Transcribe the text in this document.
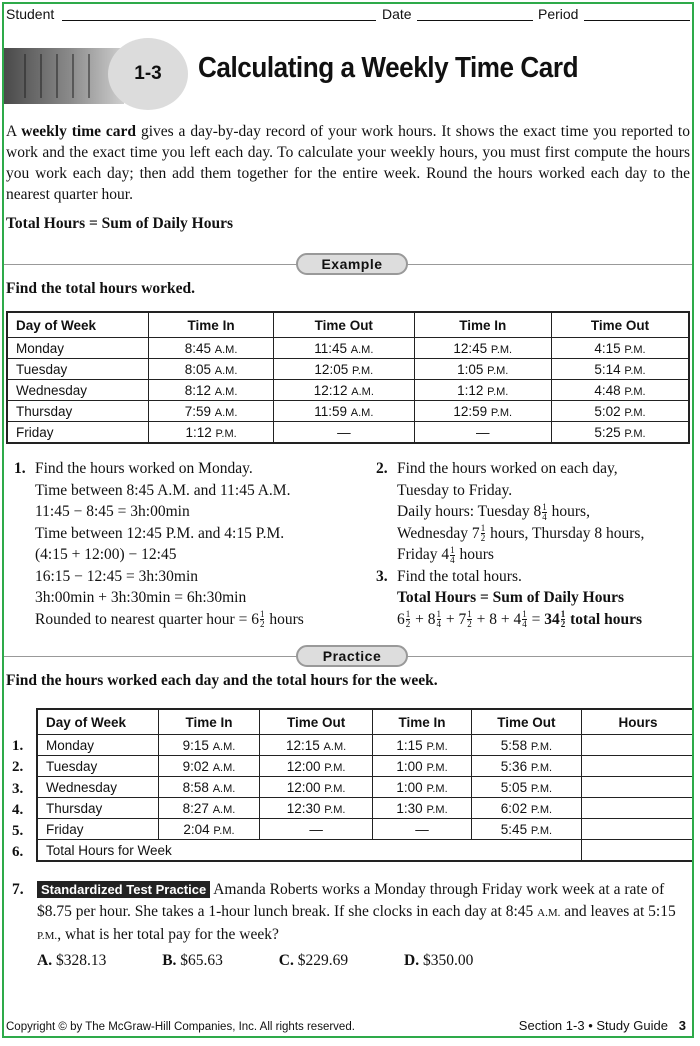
Student	Date	Period
1-3	Calculating a Weekly Time Card
A weekly time card gives a day-by-day record of your work hours. It shows the exact time you reported to work and the exact time you left each day. To calculate your weekly hours, you must first compute the hours you work each day; then add them together for the entire week. Round the hours worked each day to the nearest quarter hour.
Total Hours = Sum of Daily Hours
Example
Find the total hours worked.
Day of Week	Time In	Time Out	Time In	Time Out
Monday	8:45 A.M.	11:45 A.M.	12:45 P.M.	4:15 P.M.
Tuesday	8:05 A.M.	12:05 P.M.	1:05 P.M.	5:14 P.M.
Wednesday	8:12 A.M.	12:12 A.M.	1:12 P.M.	4:48 P.M.
Thursday	7:59 A.M.	11:59 A.M.	12:59 P.M.	5:02 P.M.
Friday	1:12 P.M.	—	—	5:25 P.M.
1. Find the hours worked on Monday.
Time between 8:45 A.M. and 11:45 A.M.
11:45 − 8:45 = 3h:00min
Time between 12:45 P.M. and 4:15 P.M.
(4:15 + 12:00) − 12:45
16:15 − 12:45 = 3h:30min
3h:00min + 3h:30min = 6h:30min
Rounded to nearest quarter hour = $6 \frac{1}{2}$ hours
2. Find the hours worked on each day,
Tuesday to Friday.
Daily hours: Tuesday $8 \frac{1}{4}$ hours,
Wednesday $7 \frac{1}{2}$ hours, Thursday 8 hours,
Friday $4 \frac{1}{4}$ hours
3. Find the total hours.
Total Hours = Sum of Daily Hours
$6 \frac{1}{2} + 8 \frac{1}{4} + 7 \frac{1}{2} + 8 + 4 \frac{1}{4} = 34 \frac{1}{2}$ total hours
Practice
Find the hours worked each day and the total hours for the week.
1.
2.
3.
4.
5.
6.
Day of Week	Time In	Time Out	Time In	Time Out	Hours
Monday	9:15 A.M.	12:15 A.M.	1:15 P.M.	5:58 P.M.	
Tuesday	9:02 A.M.	12:00 P.M.	1:00 P.M.	5:36 P.M.	
Wednesday	8:58 A.M.	12:00 P.M.	1:00 P.M.	5:05 P.M.	
Thursday	8:27 A.M.	12:30 P.M.	1:30 P.M.	6:02 P.M.	
Friday	2:04 P.M.	—	—	5:45 P.M.	
Total Hours for Week					
7.	Standardized Test Practice Amanda Roberts works a Monday through Friday work week at a rate of $8.75 per hour. She takes a 1-hour lunch break. If she clocks in each day at 8:45 A.M. and leaves at 5:15 P.M., what is her total pay for the week?
A. $328.13	B. $65.63	C. $229.69	D. $350.00
Copyright © by The McGraw-Hill Companies, Inc. All rights reserved.	Section 1-3 • Study Guide 3
